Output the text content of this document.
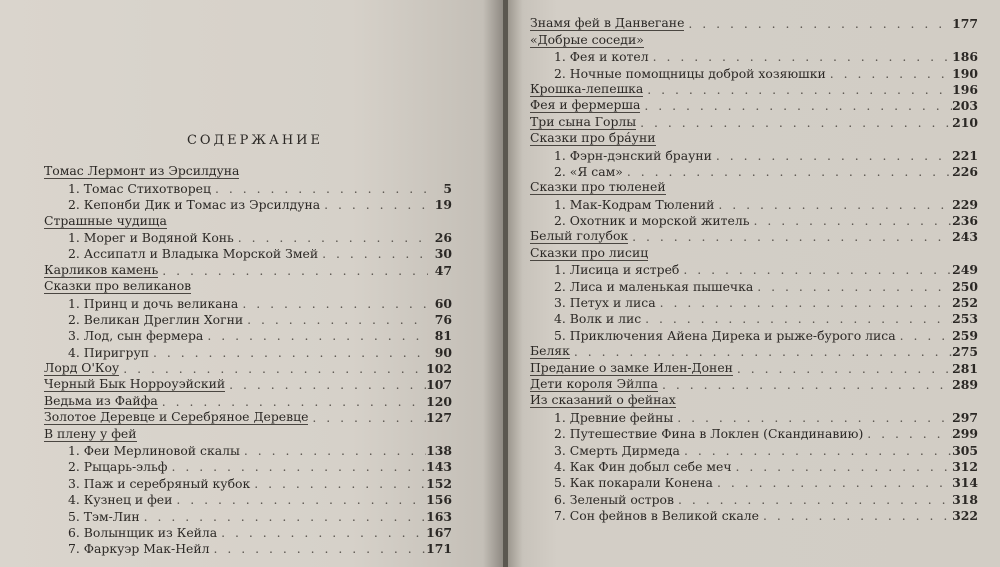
СОДЕРЖАНИЕ
Томас Лермонт из Эрсилдуна
1. Томас Стихотворец . . .	5
2. Кепонби Дик и Томас из Эрсилдуна . . .	19
Страшные чудища
1. Морег и Водяной Конь . . .	26
2. Ассипатл и Владыка Морской Змей . . .	30
Карликов камень . . .	47
Сказки про великанов
1. Принц и дочь великана . . .	60
2. Великан Дреглин Хогни . . .	76
3. Лод, сын фермера . . .	81
4. Пиригруп . . .	90
Лорд О'Коу . . .	102
Черный Бык Норроуэйский . . .	107
Ведьма из Файфа . . .	120
Золотое Деревце и Серебряное Деревце . . .	127
В плену у фей
1. Феи Мерлиновой скалы . . .	138
2. Рыцарь-эльф . . .	143
3. Паж и серебряный кубок . . .	152
4. Кузнец и феи . . .	156
5. Тэм-Лин . . .	163
6. Волынщик из Кейла . . .	167
7. Фаркуэр Мак-Нейл . . .	171
Знамя фей в Данвегане . . .	177
«Добрые соседи»
1. Фея и котел . . .	186
2. Ночные помощницы доброй хозяюшки . . .	190
Крошка-лепешка . . .	196
Фея и фермерша . . .	203
Три сына Горлы . . .	210
Сказки про брáуни
1. Фэрн-дэнский брауни . . .	221
2. «Я сам» . . .	226
Сказки про тюленей
1. Мак-Кодрам Тюлений . . .	229
2. Охотник и морской житель . . .	236
Белый голубок . . .	243
Сказки про лисиц
1. Лисица и ястреб . . .	249
2. Лиса и маленькая пышечка . . .	250
3. Петух и лиса . . .	252
4. Волк и лис . . .	253
5. Приключения Айена Дирека и рыже-бурого лиса . . .	259
Беляк . . .	275
Предание о замке Илен-Донен . . .	281
Дети короля Эйлпа . . .	289
Из сказаний о фейнах
1. Древние фейны . . .	297
2. Путешествие Фина в Локлен (Скандинавию) . . .	299
3. Смерть Дирмеда . . .	305
4. Как Фин добыл себе меч . . .	312
5. Как покарали Конена . . .	314
6. Зеленый остров . . .	318
7. Сон фейнов в Великой скале . . .	322
